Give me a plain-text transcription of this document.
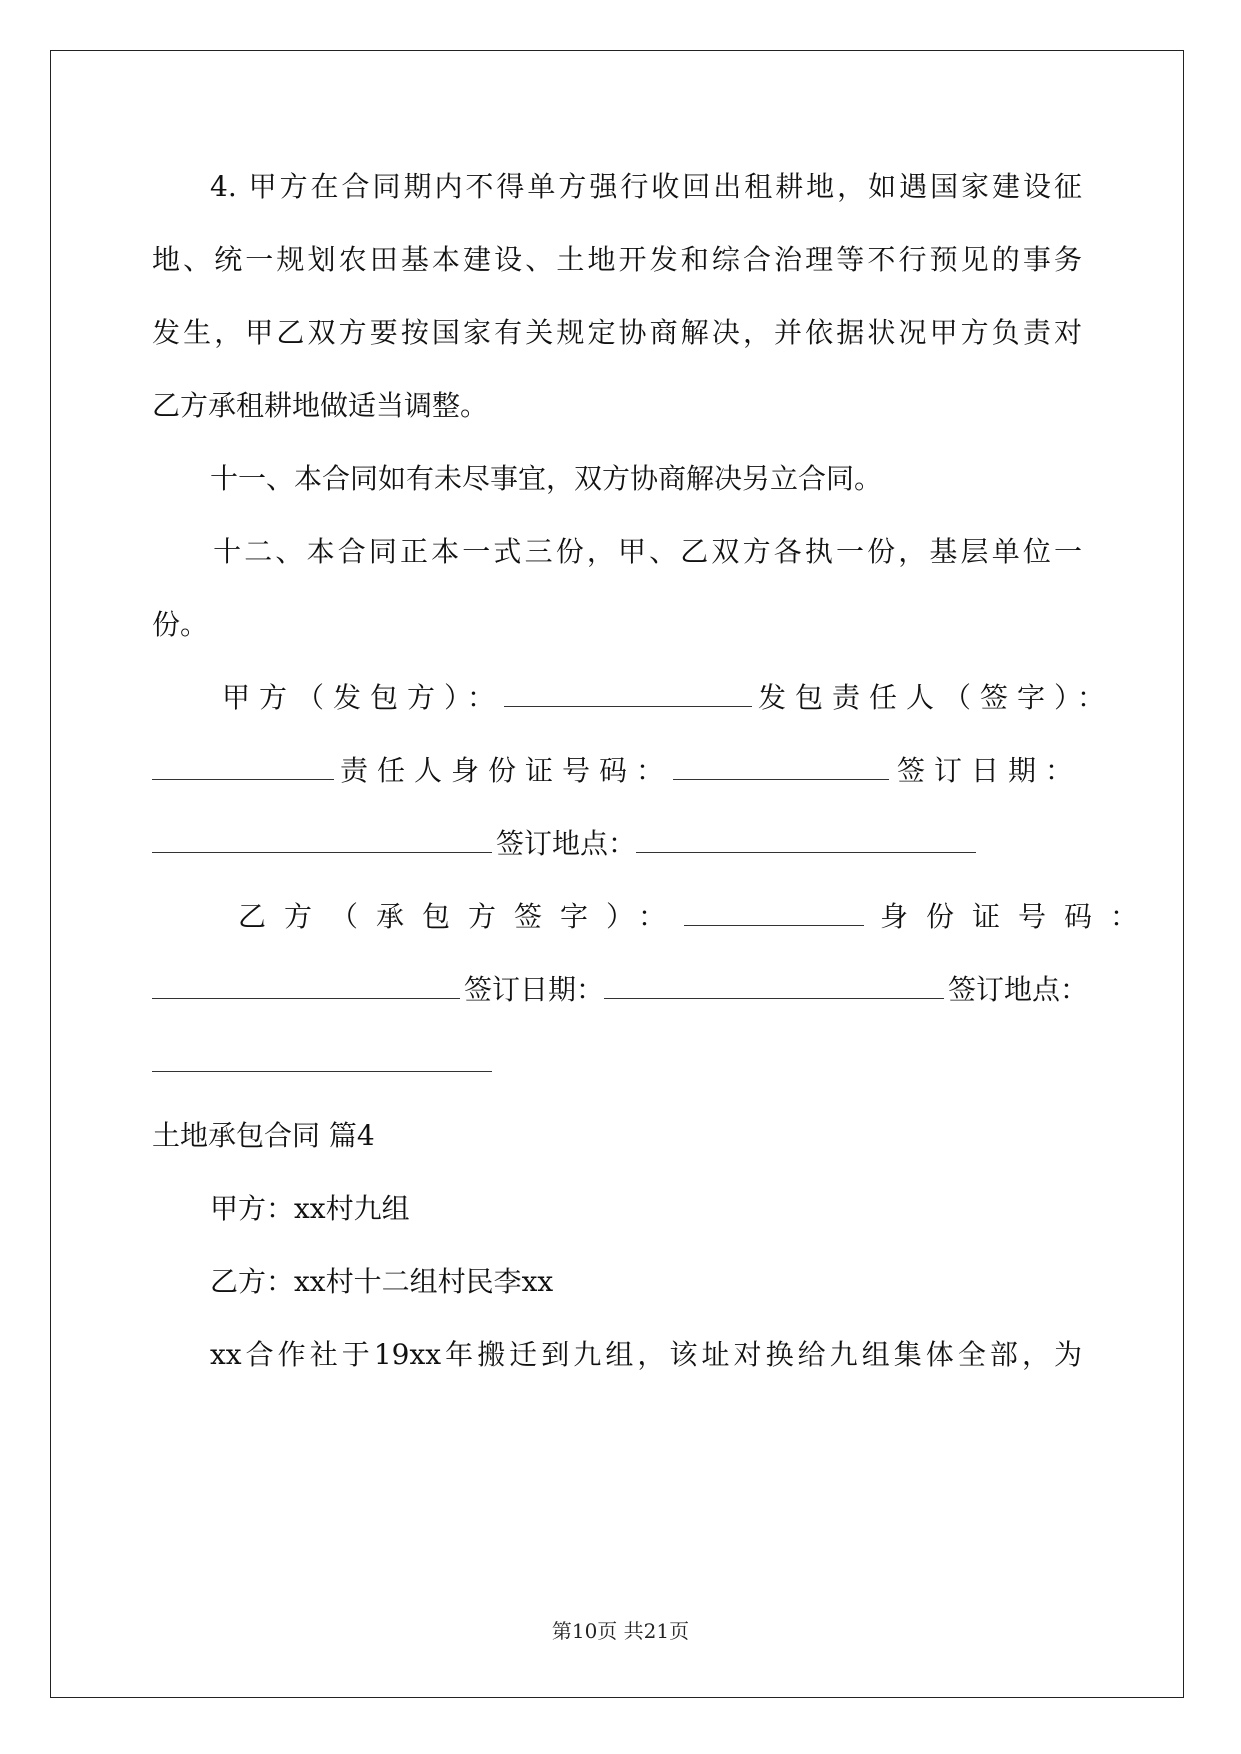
4. 甲方在合同期内不得单方强行收回出租耕地，如遇国家建设征
地、统一规划农田基本建设、土地开发和综合治理等不行预见的事务
发生，甲乙双方要按国家有关规定协商解决，并依据状况甲方负责对
乙方承租耕地做适当调整。
十一、本合同如有未尽事宜，双方协商解决另立合同。
十二、本合同正本一式三份，甲、乙双方各执一份，基层单位一
份。
甲方（发包方）：	发包责任人（签字）：
责任人身份证号码：	签订日期：
签订地点：
乙方（承包方签字）：	身份证号码：
签订日期：	签订地点：
土地承包合同 篇4
甲方：xx村九组
乙方：xx村十二组村民李xx
xx合作社于19xx年搬迁到九组，该址对换给九组集体全部，为
第10页 共21页
